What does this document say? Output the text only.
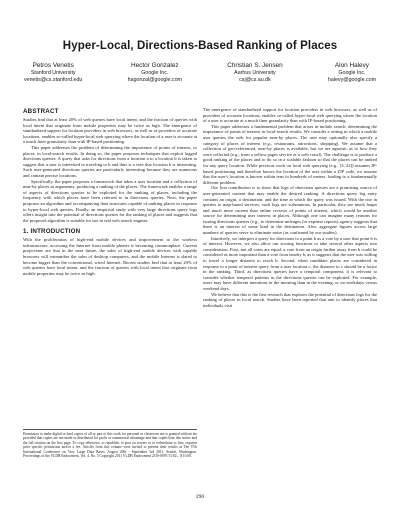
Hyper-Local, Directions-Based Ranking of Places
Petros Venetis
Stanford University
venetis@cs.stanford.edu
Hector Gonzalez
Google Inc.
hagonzal@google.com
Christian S. Jensen
Aarhus University
csj@cs.au.dk
Alon Halevy
Google Inc.
halevy@google.com
ABSTRACT

Studies find that at least 20% of web queries have local intent; and the fraction of queries with local intent that originate from mobile properties may be twice as high. The emergence of standardized support for location providers in web browsers, as well as of providers of accurate locations, enables so-called hyper-local web querying where the location of a user is accurate at a much finer granularity than with IP-based positioning.

This paper addresses the problem of determining the importance of points of interest, or places, in local-search results. In doing so, the paper proposes techniques that exploit logged directions queries. A query that asks for directions from a location a to a location b is taken to suggest that a user is interested in traveling to b and thus is a vote that location b is interesting. Such user-generated directions queries are particularly interesting because they are numerous and contain precise locations.

Specifically, the paper proposes a framework that takes a user location and a collection of near-by places as arguments, producing a ranking of the places. The framework enables a range of aspects of directions queries to be exploited for the ranking of places, including the frequency with which places have been referred to in directions queries. Next, the paper proposes an algorithm and accompanying data structures capable of ranking places in response to hyper-local web queries. Finally, an empirical study with very large directions query logs offers insight into the potential of directions queries for the ranking of places and suggests that the proposed algorithm is suitable for use in real web search engines.

1. INTRODUCTION

With the proliferation of high-end mobile devices and improvement to the wireless infrastructure, accessing the Internet from mobile phones is becoming commonplace. Current projections are that in the near future, the sales of high-end mobile devices with capable browsers will outnumber the sales of desktop computers, and the mobile Internet is slated to become bigger than the conventional, wired Internet. Recent studies find that at least 20% of web queries have local intent, and the fraction of queries with local intent that originate from mobile properties may be twice as high.

Permission to make digital or hard copies of all or part of this work for personal or classroom use is granted without fee provided that copies are not made or distributed for profit or commercial advantage and that copies bear this notice and the full citation on the first page. To copy otherwise, to republish, to post on servers or to redistribute to lists, requires prior specific permission and/or a fee. Articles from this volume were invited to present their results at The 37th International Conference on Very Large Data Bases, August 29th - September 3rd 2011, Seattle, Washington. Proceedings of the VLDB Endowment, Vol. 4, No. 5 Copyright 2011 VLDB Endowment 2150-8097/11/02... $ 10.00.

The emergence of standardized support for location providers in web browsers, as well as of providers of accurate locations, enables so-called hyper-local web querying where the location of a user is accurate at a much finer granularity than with IP-based positioning.

This paper addresses a fundamental problem that arises in mobile search: determining the importance of points of interest in local-search results. We consider a setting in which a mobile user queries the web for popular near-by places. The user may optionally also specify a category of places of interest (e.g., restaurants, attractions, shopping). We assume that a collection of geo-referenced, near-by places is available, but we are agnostic as to how they were collected (e.g., from a yellow pages service or a web crawl). The challenge is to produce a good ranking of the places and to do so in a scalable fashion so that the places can be ranked for any query location. While previous work on local web querying (e.g., [3, 22]) assumes IP-based positioning and therefore knows the location of the user within a ZIP code, we assume that the user's location is known within tens to hundreds of meters, leading to a fundamentally different problem.

Our first contribution is to show that logs of directions queries are a promising source of user-generated content that may enable the desired ranking. A directions query log entry contains an origin, a destination, and the time at which the query was issued. With the rise in queries to map-based services, such logs are voluminous. In particular, they are much larger and much more current than online reviews of points of interest, which would be another source for determining user interest in places. Although one can imagine many reasons for issuing directions queries (e.g., to determine mileages for expense reports) agency suggests that there is an interest of some kind in the destination. Also, aggregate figures across large numbers of queries serve to eliminate noise (as confirmed by our studies).

Intuitively, we interpret a query for directions to a point b as a vote by a user that point b is of interest. However, we also allow our scoring functions to take several other aspects into consideration. First, not all votes are equal: a vote from an origin further away from b could be considered as more important than a vote from nearby b, as it suggests that the user was willing to travel a longer distance to reach b. Second, when candidate places are considered in response to a point of interest query from a user location c, the distance to c should be a factor in the ranking. Third, as directions queries have a temporal component, it is relevant to consider whether temporal patterns in the directions queries can be exploited. For example, users may have different intentions in the morning than in the evening, or on weekdays versus weekend days.

We believe that this is the first research that explores the potential of directions logs for the ranking of places in local search. Studies have been reported that aim to identify places that individuals visit

290
